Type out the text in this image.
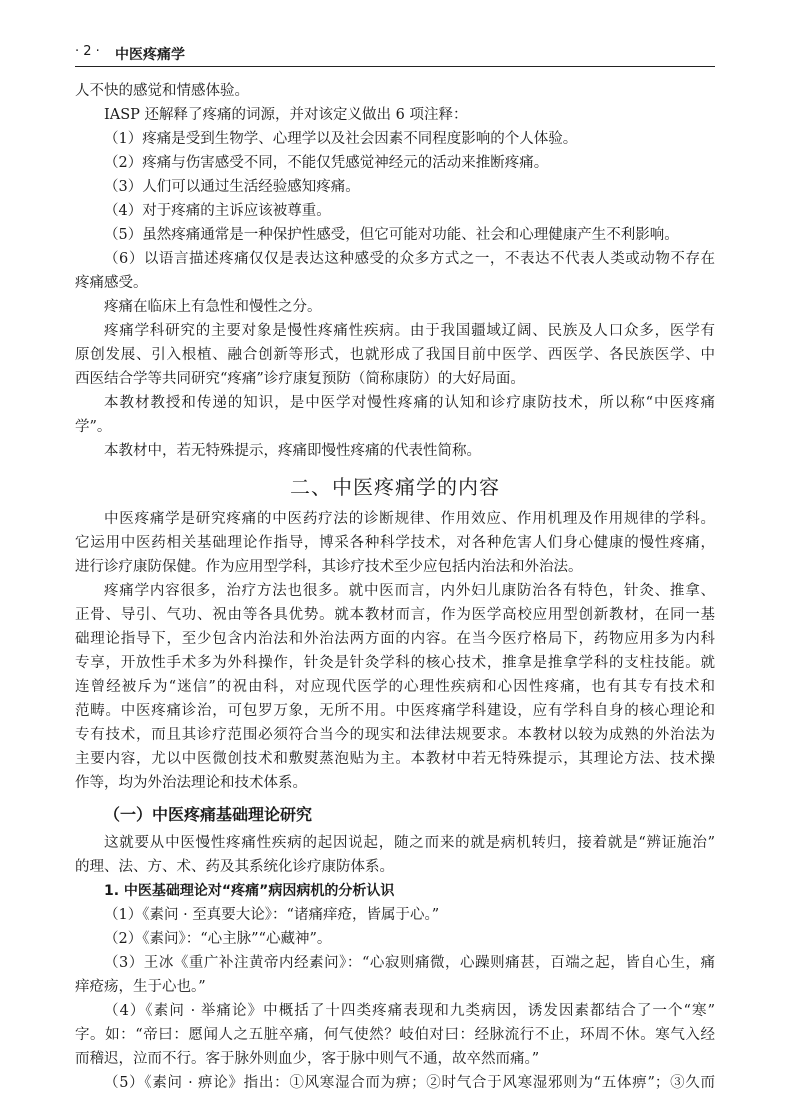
· 2 · 中医疼痛学
人不快的感觉和情感体验。
IASP 还解释了疼痛的词源，并对该定义做出 6 项注释：
（1）疼痛是受到生物学、心理学以及社会因素不同程度影响的个人体验。
（2）疼痛与伤害感受不同，不能仅凭感觉神经元的活动来推断疼痛。
（3）人们可以通过生活经验感知疼痛。
（4）对于疼痛的主诉应该被尊重。
（5）虽然疼痛通常是一种保护性感受，但它可能对功能、社会和心理健康产生不利影响。
（6）以语言描述疼痛仅仅是表达这种感受的众多方式之一，不表达不代表人类或动物不存在
疼痛感受。
疼痛在临床上有急性和慢性之分。
疼痛学科研究的主要对象是慢性疼痛性疾病。由于我国疆域辽阔、民族及人口众多，医学有
原创发展、引入根植、融合创新等形式，也就形成了我国目前中医学、西医学、各民族医学、中
西医结合学等共同研究“疼痛”诊疗康复预防（简称康防）的大好局面。
本教材教授和传递的知识，是中医学对慢性疼痛的认知和诊疗康防技术，所以称“中医疼痛
学”。
本教材中，若无特殊提示，疼痛即慢性疼痛的代表性简称。
二、中医疼痛学的内容
中医疼痛学是研究疼痛的中医药疗法的诊断规律、作用效应、作用机理及作用规律的学科。
它运用中医药相关基础理论作指导，博采各种科学技术，对各种危害人们身心健康的慢性疼痛，
进行诊疗康防保健。作为应用型学科，其诊疗技术至少应包括内治法和外治法。
疼痛学内容很多，治疗方法也很多。就中医而言，内外妇儿康防治各有特色，针灸、推拿、
正骨、导引、气功、祝由等各具优势。就本教材而言，作为医学高校应用型创新教材，在同一基
础理论指导下，至少包含内治法和外治法两方面的内容。在当今医疗格局下，药物应用多为内科
专享，开放性手术多为外科操作，针灸是针灸学科的核心技术，推拿是推拿学科的支柱技能。就
连曾经被斥为“迷信”的祝由科，对应现代医学的心理性疾病和心因性疼痛，也有其专有技术和
范畴。中医疼痛诊治，可包罗万象，无所不用。中医疼痛学科建设，应有学科自身的核心理论和
专有技术，而且其诊疗范围必须符合当今的现实和法律法规要求。本教材以较为成熟的外治法为
主要内容，尤以中医微创技术和敷熨蒸泡贴为主。本教材中若无特殊提示，其理论方法、技术操
作等，均为外治法理论和技术体系。
（一）中医疼痛基础理论研究
这就要从中医慢性疼痛性疾病的起因说起，随之而来的就是病机转归，接着就是“辨证施治”
的理、法、方、术、药及其系统化诊疗康防体系。
1. 中医基础理论对“疼痛”病因病机的分析认识
（1）《素问 · 至真要大论》：“诸痛痒疮，皆属于心。”
（2）《素问》：“心主脉”“心藏神”。
（3）王冰《重广补注黄帝内经素问》：“心寂则痛微，心躁则痛甚，百端之起，皆自心生，痛
痒疮疡，生于心也。”
（4）《素问 · 举痛论》中概括了十四类疼痛表现和九类病因，诱发因素都结合了一个“寒”
字。如：“帝曰：愿闻人之五脏卒痛，何气使然？岐伯对曰：经脉流行不止，环周不休。寒气入经
而稽迟，泣而不行。客于脉外则血少，客于脉中则气不通，故卒然而痛。”
（5）《素问 · 痹论》指出：①风寒湿合而为痹；②时气合于风寒湿邪则为“五体痹”；③久而
